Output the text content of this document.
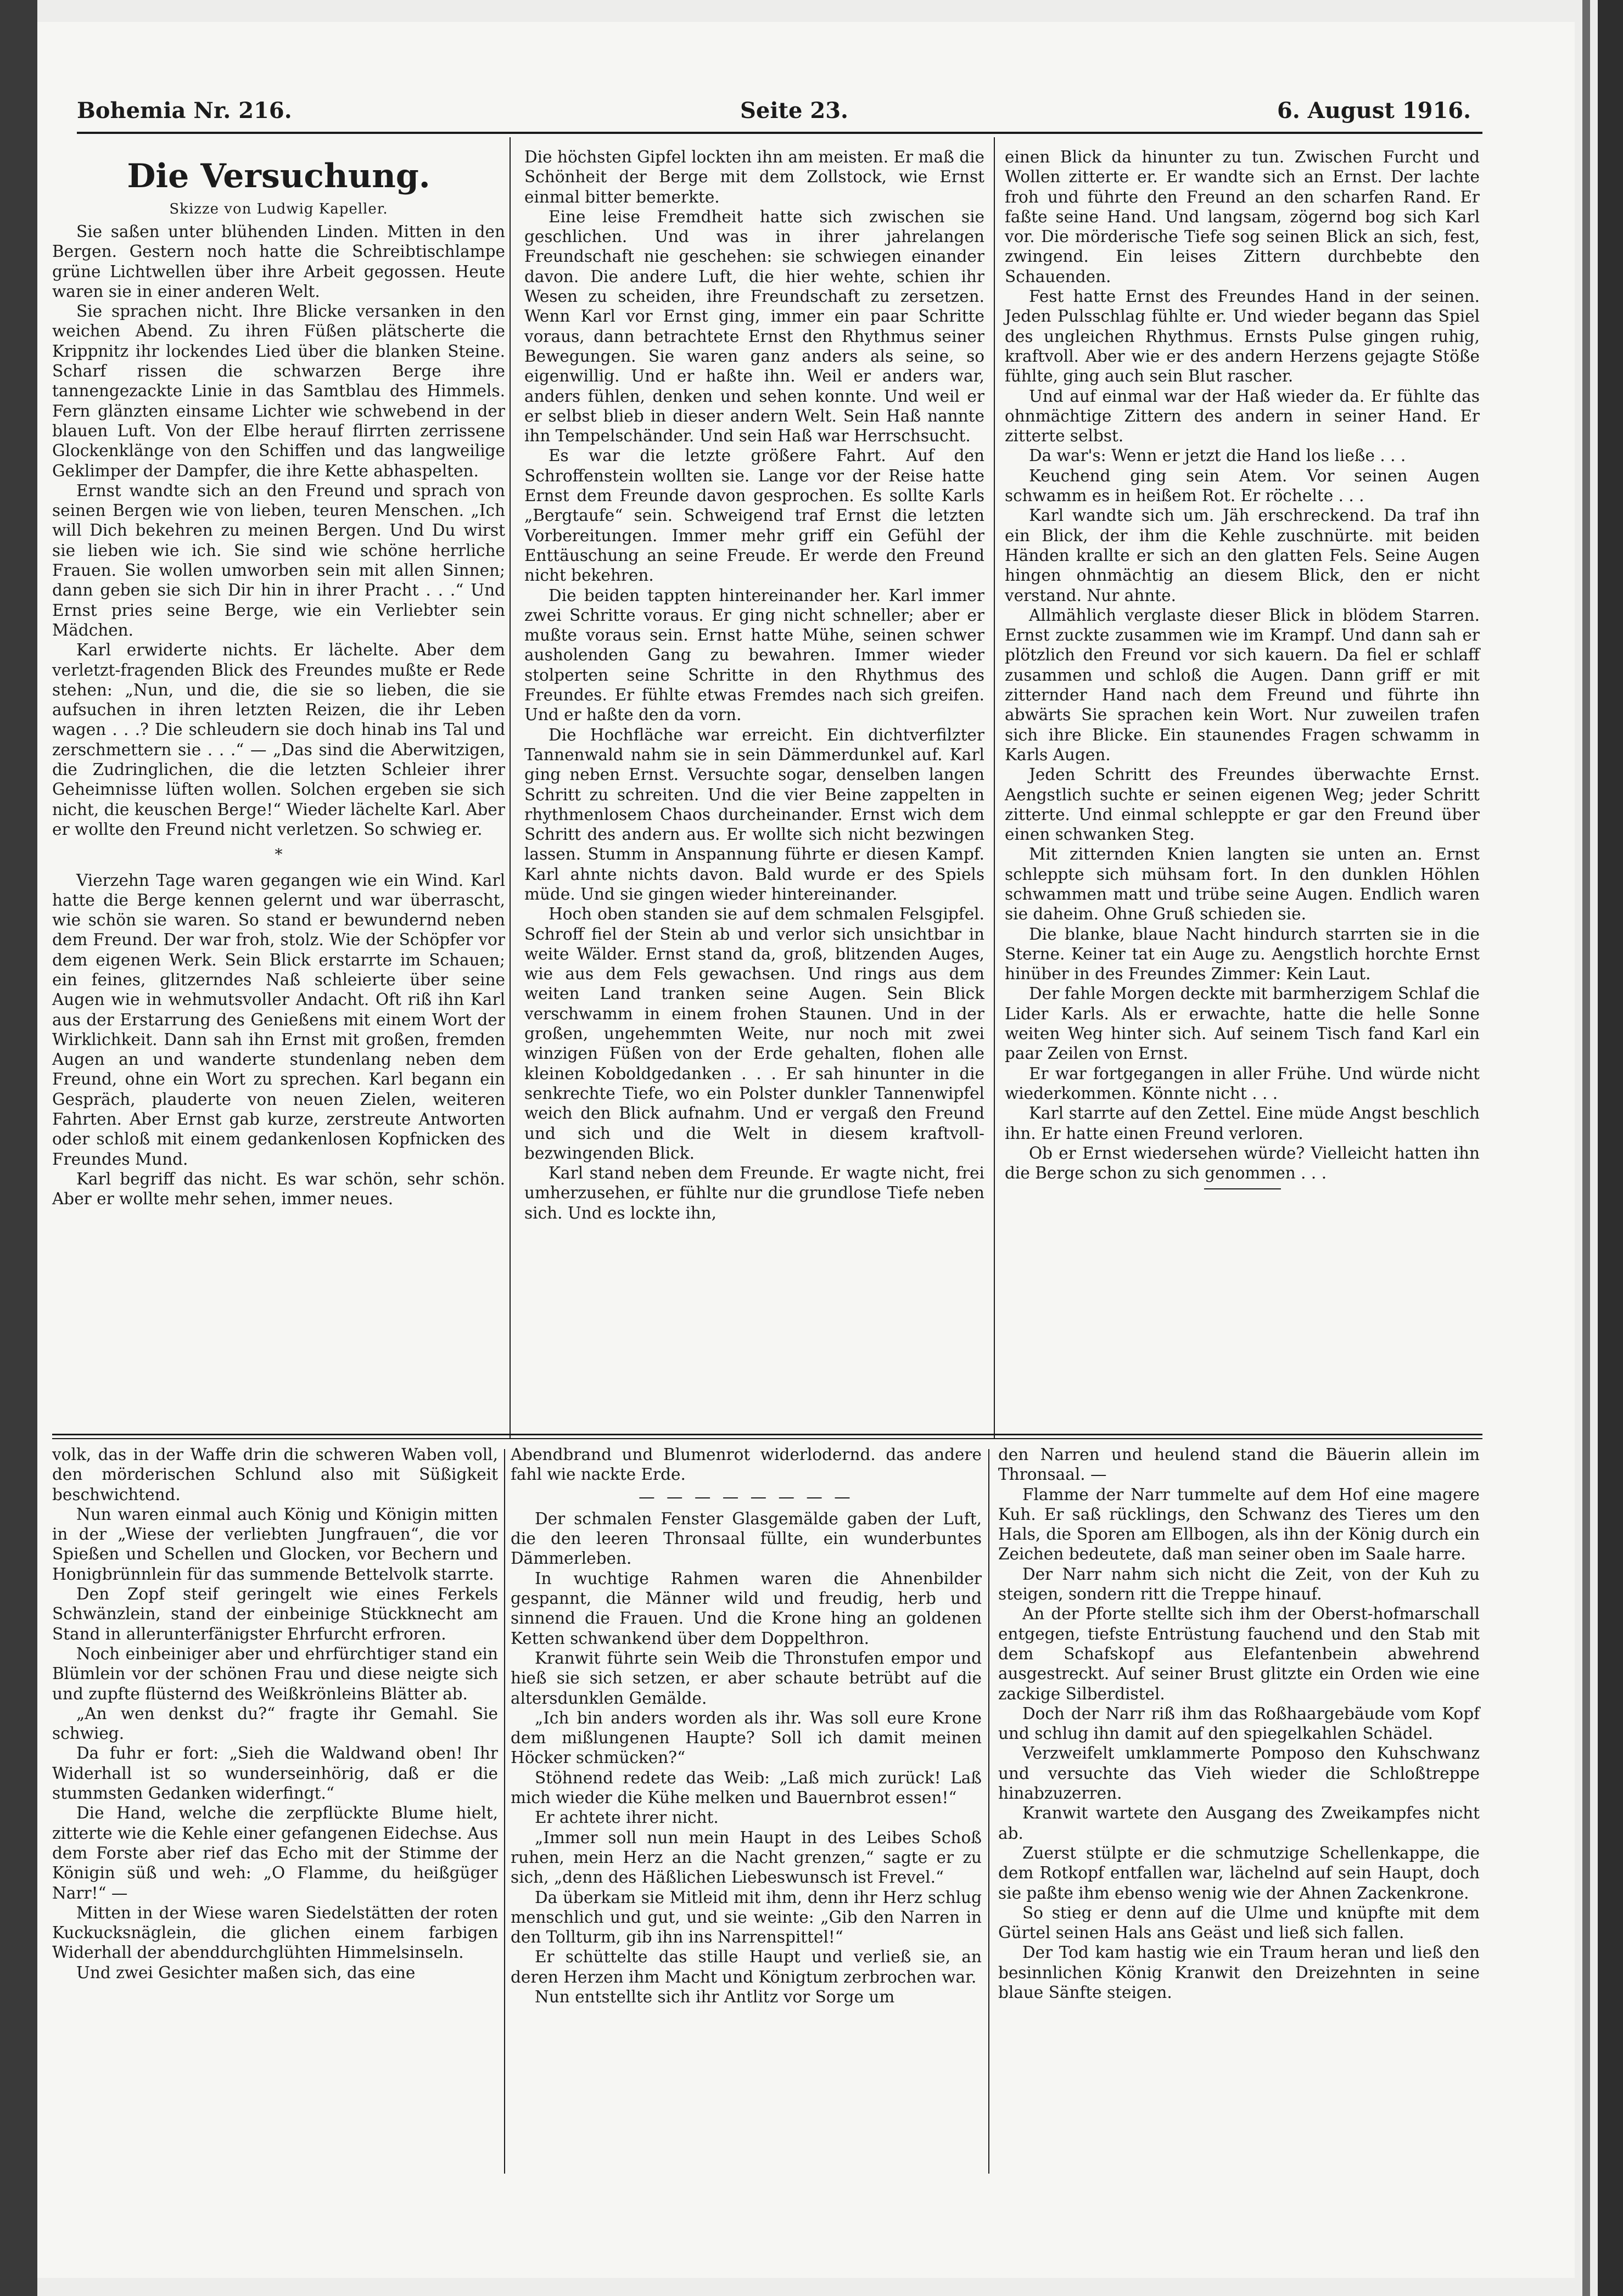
Bohemia Nr. 216.	Seite 23.	6. August 1916.
Die Versuchung.
Skizze von Ludwig Kapeller.

Sie saßen unter blühenden Linden. Mitten in den Bergen. Gestern noch hatte die Schreibtischlampe grüne Lichtwellen über ihre Arbeit gegossen. Heute waren sie in einer anderen Welt.

Sie sprachen nicht. Ihre Blicke versanken in den weichen Abend. Zu ihren Füßen plätscherte die Krippnitz ihr lockendes Lied über die blanken Steine. Scharf rissen die schwarzen Berge ihre tannengezackte Linie in das Samtblau des Himmels. Fern glänzten einsame Lichter wie schwebend in der blauen Luft. Von der Elbe herauf flirrten zerrissene Glockenklänge von den Schiffen und das langweilige Geklimper der Dampfer, die ihre Kette abhaspelten.

Ernst wandte sich an den Freund und sprach von seinen Bergen wie von lieben, teuren Menschen. „Ich will Dich bekehren zu meinen Bergen. Und Du wirst sie lieben wie ich. Sie sind wie schöne herrliche Frauen. Sie wollen umworben sein mit allen Sinnen; dann geben sie sich Dir hin in ihrer Pracht . . .“ Und Ernst pries seine Berge, wie ein Verliebter sein Mädchen.

Karl erwiderte nichts. Er lächelte. Aber dem verletzt-fragenden Blick des Freundes mußte er Rede stehen: „Nun, und die, die sie so lieben, die sie aufsuchen in ihren letzten Reizen, die ihr Leben wagen . . .? Die schleudern sie doch hinab ins Tal und zerschmettern sie . . .“ — „Das sind die Aberwitzigen, die Zudringlichen, die die letzten Schleier ihrer Geheimnisse lüften wollen. Solchen ergeben sie sich nicht, die keuschen Berge!“ Wieder lächelte Karl. Aber er wollte den Freund nicht verletzen. So schwieg er.

*

Vierzehn Tage waren gegangen wie ein Wind. Karl hatte die Berge kennen gelernt und war überrascht, wie schön sie waren. So stand er bewundernd neben dem Freund. Der war froh, stolz. Wie der Schöpfer vor dem eigenen Werk. Sein Blick erstarrte im Schauen; ein feines, glitzerndes Naß schleierte über seine Augen wie in wehmutsvoller Andacht. Oft riß ihn Karl aus der Erstarrung des Genießens mit einem Wort der Wirklichkeit. Dann sah ihn Ernst mit großen, fremden Augen an und wanderte stundenlang neben dem Freund, ohne ein Wort zu sprechen. Karl begann ein Gespräch, plauderte von neuen Zielen, weiteren Fahrten. Aber Ernst gab kurze, zerstreute Antworten oder schloß mit einem gedankenlosen Kopfnicken des Freundes Mund.

Karl begriff das nicht. Es war schön, sehr schön. Aber er wollte mehr sehen, immer neues.

Die höchsten Gipfel lockten ihn am meisten. Er maß die Schönheit der Berge mit dem Zollstock, wie Ernst einmal bitter bemerkte.

Eine leise Fremdheit hatte sich zwischen sie geschlichen. Und was in ihrer jahrelangen Freundschaft nie geschehen: sie schwiegen einander davon. Die andere Luft, die hier wehte, schien ihr Wesen zu scheiden, ihre Freundschaft zu zersetzen. Wenn Karl vor Ernst ging, immer ein paar Schritte voraus, dann betrachtete Ernst den Rhythmus seiner Bewegungen. Sie waren ganz anders als seine, so eigenwillig. Und er haßte ihn. Weil er anders war, anders fühlen, denken und sehen konnte. Und weil er er selbst blieb in dieser andern Welt. Sein Haß nannte ihn Tempelschänder. Und sein Haß war Herrschsucht.

Es war die letzte größere Fahrt. Auf den Schroffenstein wollten sie. Lange vor der Reise hatte Ernst dem Freunde davon gesprochen. Es sollte Karls „Bergtaufe“ sein. Schweigend traf Ernst die letzten Vorbereitungen. Immer mehr griff ein Gefühl der Enttäuschung an seine Freude. Er werde den Freund nicht bekehren.

Die beiden tappten hintereinander her. Karl immer zwei Schritte voraus. Er ging nicht schneller; aber er mußte voraus sein. Ernst hatte Mühe, seinen schwer ausholenden Gang zu bewahren. Immer wieder stolperten seine Schritte in den Rhythmus des Freundes. Er fühlte etwas Fremdes nach sich greifen. Und er haßte den da vorn.

Die Hochfläche war erreicht. Ein dichtverfilzter Tannenwald nahm sie in sein Dämmerdunkel auf. Karl ging neben Ernst. Versuchte sogar, denselben langen Schritt zu schreiten. Und die vier Beine zappelten in rhythmenlosem Chaos durcheinander. Ernst wich dem Schritt des andern aus. Er wollte sich nicht bezwingen lassen. Stumm in Anspannung führte er diesen Kampf. Karl ahnte nichts davon. Bald wurde er des Spiels müde. Und sie gingen wieder hintereinander.

Hoch oben standen sie auf dem schmalen Felsgipfel. Schroff fiel der Stein ab und verlor sich unsichtbar in weite Wälder. Ernst stand da, groß, blitzenden Auges, wie aus dem Fels gewachsen. Und rings aus dem weiten Land tranken seine Augen. Sein Blick verschwamm in einem frohen Staunen. Und in der großen, ungehemmten Weite, nur noch mit zwei winzigen Füßen von der Erde gehalten, flohen alle kleinen Koboldgedanken . . . Er sah hinunter in die senkrechte Tiefe, wo ein Polster dunkler Tannenwipfel weich den Blick aufnahm. Und er vergaß den Freund und sich und die Welt in diesem kraftvoll-bezwingenden Blick.

Karl stand neben dem Freunde. Er wagte nicht, frei umherzusehen, er fühlte nur die grundlose Tiefe neben sich. Und es lockte ihn,

einen Blick da hinunter zu tun. Zwischen Furcht und Wollen zitterte er. Er wandte sich an Ernst. Der lachte froh und führte den Freund an den scharfen Rand. Er faßte seine Hand. Und langsam, zögernd bog sich Karl vor. Die mörderische Tiefe sog seinen Blick an sich, fest, zwingend. Ein leises Zittern durchbebte den Schauenden.

Fest hatte Ernst des Freundes Hand in der seinen. Jeden Pulsschlag fühlte er. Und wieder begann das Spiel des ungleichen Rhythmus. Ernsts Pulse gingen ruhig, kraftvoll. Aber wie er des andern Herzens gejagte Stöße fühlte, ging auch sein Blut rascher.

Und auf einmal war der Haß wieder da. Er fühlte das ohnmächtige Zittern des andern in seiner Hand. Er zitterte selbst.

Da war's: Wenn er jetzt die Hand los ließe . . .

Keuchend ging sein Atem. Vor seinen Augen schwamm es in heißem Rot. Er röchelte . . .

Karl wandte sich um. Jäh erschreckend. Da traf ihn ein Blick, der ihm die Kehle zuschnürte. mit beiden Händen krallte er sich an den glatten Fels. Seine Augen hingen ohnmächtig an diesem Blick, den er nicht verstand. Nur ahnte.

Allmählich verglaste dieser Blick in blödem Starren. Ernst zuckte zusammen wie im Krampf. Und dann sah er plötzlich den Freund vor sich kauern. Da fiel er schlaff zusammen und schloß die Augen. Dann griff er mit zitternder Hand nach dem Freund und führte ihn abwärts Sie sprachen kein Wort. Nur zuweilen trafen sich ihre Blicke. Ein staunendes Fragen schwamm in Karls Augen.

Jeden Schritt des Freundes überwachte Ernst. Aengstlich suchte er seinen eigenen Weg; jeder Schritt zitterte. Und einmal schleppte er gar den Freund über einen schwanken Steg.

Mit zitternden Knien langten sie unten an. Ernst schleppte sich mühsam fort. In den dunklen Höhlen schwammen matt und trübe seine Augen. Endlich waren sie daheim. Ohne Gruß schieden sie.

Die blanke, blaue Nacht hindurch starrten sie in die Sterne. Keiner tat ein Auge zu. Aengstlich horchte Ernst hinüber in des Freundes Zimmer: Kein Laut.

Der fahle Morgen deckte mit barmherzigem Schlaf die Lider Karls. Als er erwachte, hatte die helle Sonne weiten Weg hinter sich. Auf seinem Tisch fand Karl ein paar Zeilen von Ernst.

Er war fortgegangen in aller Frühe. Und würde nicht wiederkommen. Könnte nicht . . .

Karl starrte auf den Zettel. Eine müde Angst beschlich ihn. Er hatte einen Freund verloren.

Ob er Ernst wiedersehen würde? Vielleicht hatten ihn die Berge schon zu sich genommen . . .

volk, das in der Waffe drin die schweren Waben voll, den mörderischen Schlund also mit Süßigkeit beschwichtend.

Nun waren einmal auch König und Königin mitten in der „Wiese der verliebten Jungfrauen“, die vor Spießen und Schellen und Glocken, vor Bechern und Honigbrünnlein für das summende Bettelvolk starrte.

Den Zopf steif geringelt wie eines Ferkels Schwänzlein, stand der einbeinige Stückknecht am Stand in allerunterfänigster Ehrfurcht erfroren.

Noch einbeiniger aber und ehrfürchtiger stand ein Blümlein vor der schönen Frau und diese neigte sich und zupfte flüsternd des Weißkrönleins Blätter ab.

„An wen denkst du?“ fragte ihr Gemahl. Sie schwieg.

Da fuhr er fort: „Sieh die Waldwand oben! Ihr Widerhall ist so wunderseinhörig, daß er die stummsten Gedanken widerfingt.“

Die Hand, welche die zerpflückte Blume hielt, zitterte wie die Kehle einer gefangenen Eidechse. Aus dem Forste aber rief das Echo mit der Stimme der Königin süß und weh: „O Flamme, du heißgüger Narr!“ —

Mitten in der Wiese waren Siedelstätten der roten Kuckucksnäglein, die glichen einem farbigen Widerhall der abenddurchglühten Himmelsinseln.

Und zwei Gesichter maßen sich, das eine

Abendbrand und Blumenrot widerlodernd. das andere fahl wie nackte Erde.

— — — — — — — —

Der schmalen Fenster Glasgemälde gaben der Luft, die den leeren Thronsaal füllte, ein wunderbuntes Dämmerleben.

In wuchtige Rahmen waren die Ahnenbilder gespannt, die Männer wild und freudig, herb und sinnend die Frauen. Und die Krone hing an goldenen Ketten schwankend über dem Doppelthron.

Kranwit führte sein Weib die Thronstufen empor und hieß sie sich setzen, er aber schaute betrübt auf die altersdunklen Gemälde.

„Ich bin anders worden als ihr. Was soll eure Krone dem mißlungenen Haupte? Soll ich damit meinen Höcker schmücken?“

Stöhnend redete das Weib: „Laß mich zurück! Laß mich wieder die Kühe melken und Bauernbrot essen!“

Er achtete ihrer nicht.

„Immer soll nun mein Haupt in des Leibes Schoß ruhen, mein Herz an die Nacht grenzen,“ sagte er zu sich, „denn des Häßlichen Liebeswunsch ist Frevel.“

Da überkam sie Mitleid mit ihm, denn ihr Herz schlug menschlich und gut, und sie weinte: „Gib den Narren in den Tollturm, gib ihn ins Narrenspittel!“

Er schüttelte das stille Haupt und verließ sie, an deren Herzen ihm Macht und Königtum zerbrochen war.

Nun entstellte sich ihr Antlitz vor Sorge um

den Narren und heulend stand die Bäuerin allein im Thronsaal. —

Flamme der Narr tummelte auf dem Hof eine magere Kuh. Er saß rücklings, den Schwanz des Tieres um den Hals, die Sporen am Ellbogen, als ihn der König durch ein Zeichen bedeutete, daß man seiner oben im Saale harre.

Der Narr nahm sich nicht die Zeit, von der Kuh zu steigen, sondern ritt die Treppe hinauf.

An der Pforte stellte sich ihm der Oberst-hofmarschall entgegen, tiefste Entrüstung fauchend und den Stab mit dem Schafskopf aus Elefantenbein abwehrend ausgestreckt. Auf seiner Brust glitzte ein Orden wie eine zackige Silberdistel.

Doch der Narr riß ihm das Roßhaargebäude vom Kopf und schlug ihn damit auf den spiegelkahlen Schädel.

Verzweifelt umklammerte Pomposo den Kuhschwanz und versuchte das Vieh wieder die Schloßtreppe hinabzuzerren.

Kranwit wartete den Ausgang des Zweikampfes nicht ab.

Zuerst stülpte er die schmutzige Schellenkappe, die dem Rotkopf entfallen war, lächelnd auf sein Haupt, doch sie paßte ihm ebenso wenig wie der Ahnen Zackenkrone.

So stieg er denn auf die Ulme und knüpfte mit dem Gürtel seinen Hals ans Geäst und ließ sich fallen.

Der Tod kam hastig wie ein Traum heran und ließ den besinnlichen König Kranwit den Dreizehnten in seine blaue Sänfte steigen.
